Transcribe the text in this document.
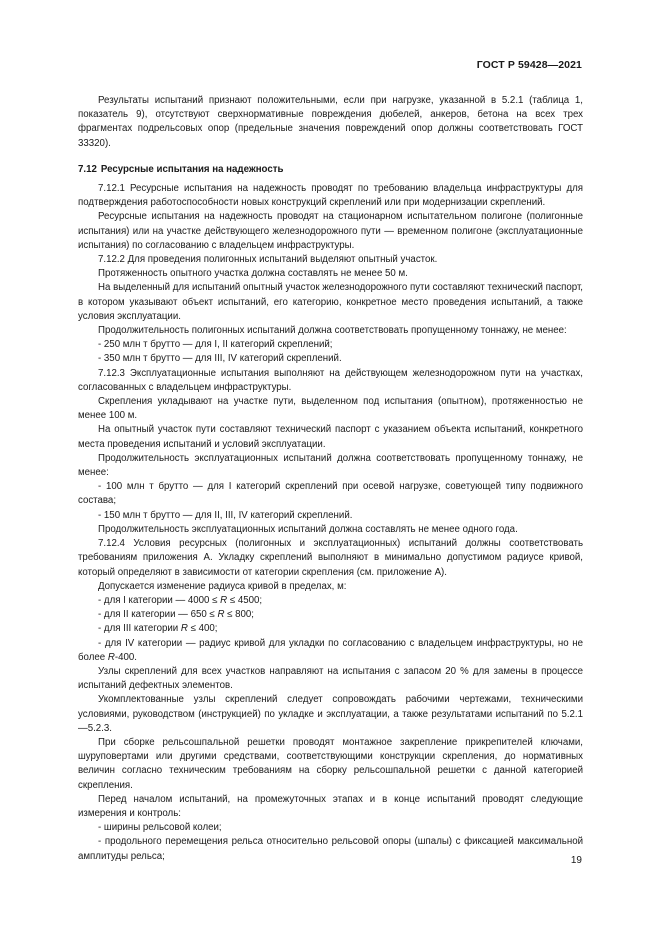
ГОСТ Р 59428—2021

Результаты испытаний признают положительными, если при нагрузке, указанной в 5.2.1 (таблица 1, показатель 9), отсутствуют сверхнормативные повреждения дюбелей, анкеров, бетона на всех трех фрагментах подрельсовых опор (предельные значения повреждений опор должны соответствовать ГОСТ 33320).

7.12 Ресурсные испытания на надежность

7.12.1 Ресурсные испытания на надежность проводят по требованию владельца инфраструктуры для подтверждения работоспособности новых конструкций скреплений или при модернизации скреплений.

Ресурсные испытания на надежность проводят на стационарном испытательном полигоне (полигонные испытания) или на участке действующего железнодорожного пути — временном полигоне (эксплуатационные испытания) по согласованию с владельцем инфраструктуры.

7.12.2 Для проведения полигонных испытаний выделяют опытный участок.

Протяженность опытного участка должна составлять не менее 50 м.

На выделенный для испытаний опытный участок железнодорожного пути составляют технический паспорт, в котором указывают объект испытаний, его категорию, конкретное место проведения испытаний, а также условия эксплуатации.

Продолжительность полигонных испытаний должна соответствовать пропущенному тоннажу, не менее:

- 250 млн т брутто — для I, II категорий скреплений;

- 350 млн т брутто — для III, IV категорий скреплений.

7.12.3 Эксплуатационные испытания выполняют на действующем железнодорожном пути на участках, согласованных с владельцем инфраструктуры.

Скрепления укладывают на участке пути, выделенном под испытания (опытном), протяженностью не менее 100 м.

На опытный участок пути составляют технический паспорт с указанием объекта испытаний, конкретного места проведения испытаний и условий эксплуатации.

Продолжительность эксплуатационных испытаний должна соответствовать пропущенному тоннажу, не менее:

- 100 млн т брутто — для I категорий скреплений при осевой нагрузке, советующей типу подвижного состава;

- 150 млн т брутто — для II, III, IV категорий скреплений.

Продолжительность эксплуатационных испытаний должна составлять не менее одного года.

7.12.4 Условия ресурсных (полигонных и эксплуатационных) испытаний должны соответствовать требованиям приложения А. Укладку скреплений выполняют в минимально допустимом радиусе кривой, который определяют в зависимости от категории скрепления (см. приложение А).

Допускается изменение радиуса кривой в пределах, м:

- для I категории — 4000 ≤ R ≤ 4500;

- для II категории — 650 ≤ R ≤ 800;

- для III категории R ≤ 400;

- для IV категории — радиус кривой для укладки по согласованию с владельцем инфраструктуры, но не более R-400.

Узлы скреплений для всех участков направляют на испытания с запасом 20 % для замены в процессе испытаний дефектных элементов.

Укомплектованные узлы скреплений следует сопровождать рабочими чертежами, техническими условиями, руководством (инструкцией) по укладке и эксплуатации, а также результатами испытаний по 5.2.1—5.2.3.

При сборке рельсошпальной решетки проводят монтажное закрепление прикрепителей ключами, шуруповертами или другими средствами, соответствующими конструкции скрепления, до нормативных величин согласно техническим требованиям на сборку рельсошпальной решетки с данной категорией скрепления.

Перед началом испытаний, на промежуточных этапах и в конце испытаний проводят следующие измерения и контроль:

- ширины рельсовой колеи;

- продольного перемещения рельса относительно рельсовой опоры (шпалы) с фиксацией максимальной амплитуды рельса;	19
